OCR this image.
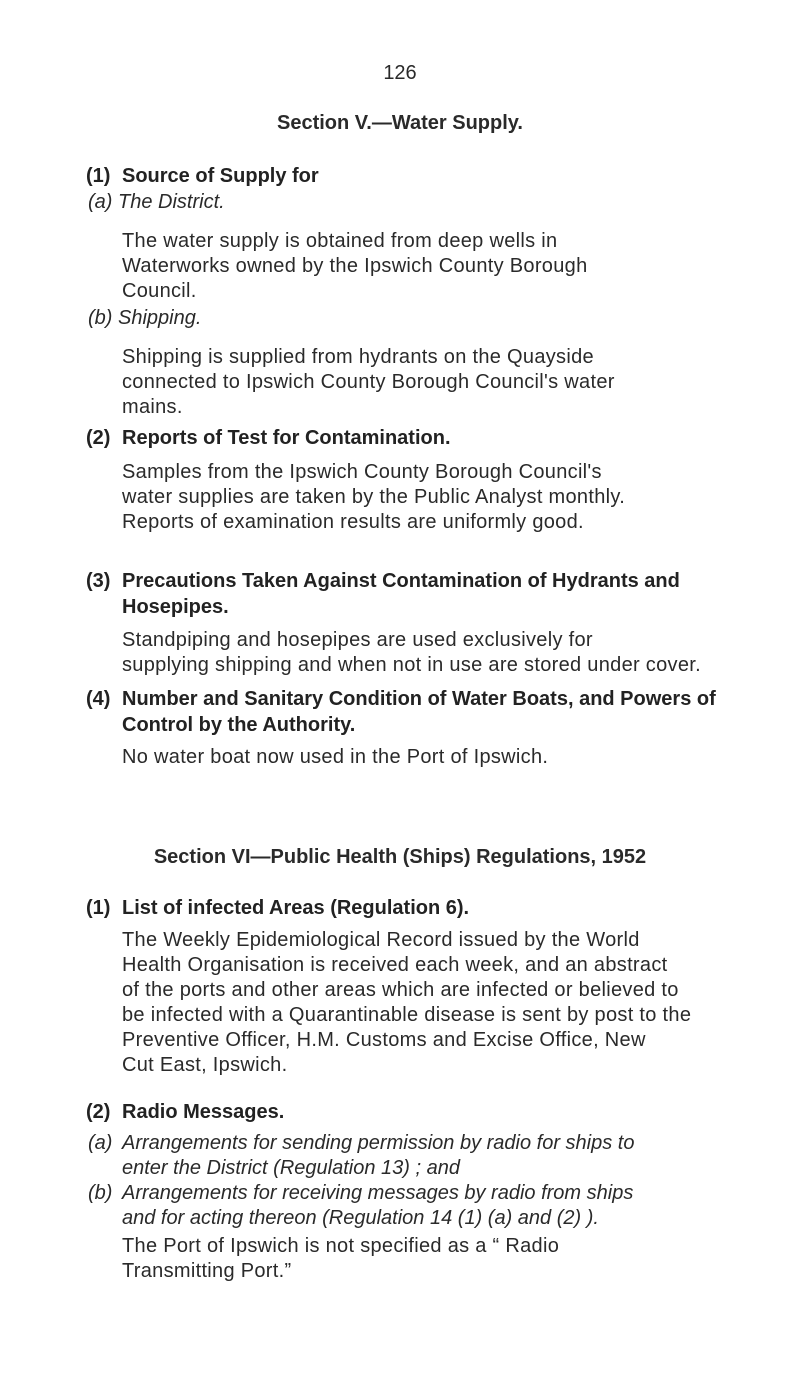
126
Section V.—Water Supply.
(1) Source of Supply for
(a) The District.
The water supply is obtained from deep wells in
Waterworks owned by the Ipswich County Borough
Council.
(b) Shipping.
Shipping is supplied from hydrants on the Quayside
connected to Ipswich County Borough Council's water
mains.
(2) Reports of Test for Contamination.
Samples from the Ipswich County Borough Council's
water supplies are taken by the Public Analyst monthly.
Reports of examination results are uniformly good.
(3) Precautions Taken Against Contamination of Hydrants and
Hosepipes.
Standpiping and hosepipes are used exclusively for
supplying shipping and when not in use are stored under cover.
(4) Number and Sanitary Condition of Water Boats, and Powers of
Control by the Authority.
No water boat now used in the Port of Ipswich.
Section VI—Public Health (Ships) Regulations, 1952
(1) List of infected Areas (Regulation 6).
The Weekly Epidemiological Record issued by the World
Health Organisation is received each week, and an abstract
of the ports and other areas which are infected or believed to
be infected with a Quarantinable disease is sent by post to the
Preventive Officer, H.M. Customs and Excise Office, New
Cut East, Ipswich.
(2) Radio Messages.
(a) Arrangements for sending permission by radio for ships to
enter the District (Regulation 13) ; and
(b) Arrangements for receiving messages by radio from ships
and for acting thereon (Regulation 14 (1) (a) and (2) ).
The Port of Ipswich is not specified as a “ Radio
Transmitting Port.”
